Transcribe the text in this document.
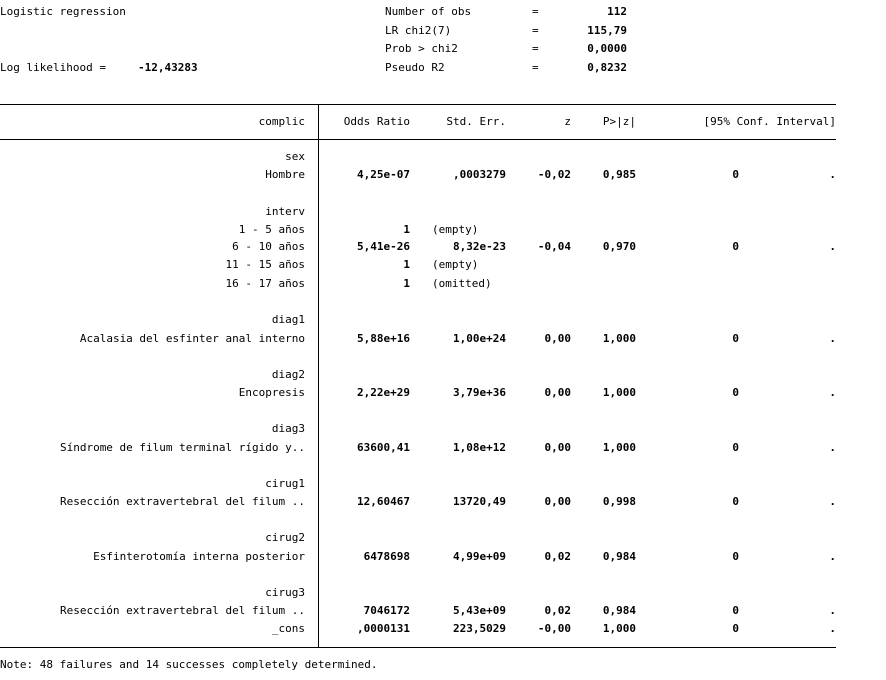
Logistic regression
Log likelihood =	-12,43283
Number of obs	=	112
LR chi2(7)	=	115,79
Prob > chi2	=	0,0000
Pseudo R2	=	0,8232
complic	Odds Ratio	Std. Err.	z	P>|z|	[95% Conf. Interval]
sex
Hombre	4,25e-07	,0003279	-0,02	0,985	0	.
interv
1 - 5 años	1 (empty)
6 - 10 años	5,41e-26	8,32e-23	-0,04	0,970	0	.
11 - 15 años	1 (empty)
16 - 17 años	1 (omitted)
diag1
Acalasia del esfinter anal interno	5,88e+16	1,00e+24	0,00	1,000	0	.
diag2
Encopresis	2,22e+29	3,79e+36	0,00	1,000	0	.
diag3
Síndrome de filum terminal rígido y..	63600,41	1,08e+12	0,00	1,000	0	.
cirug1
Resección extravertebral del filum ..	12,60467	13720,49	0,00	0,998	0	.
cirug2
Esfinterotomía interna posterior	6478698	4,99e+09	0,02	0,984	0	.
cirug3
Resección extravertebral del filum ..	7046172	5,43e+09	0,02	0,984	0	.
_cons	,0000131	223,5029	-0,00	1,000	0	.
Note: 48 failures and 14 successes completely determined.
